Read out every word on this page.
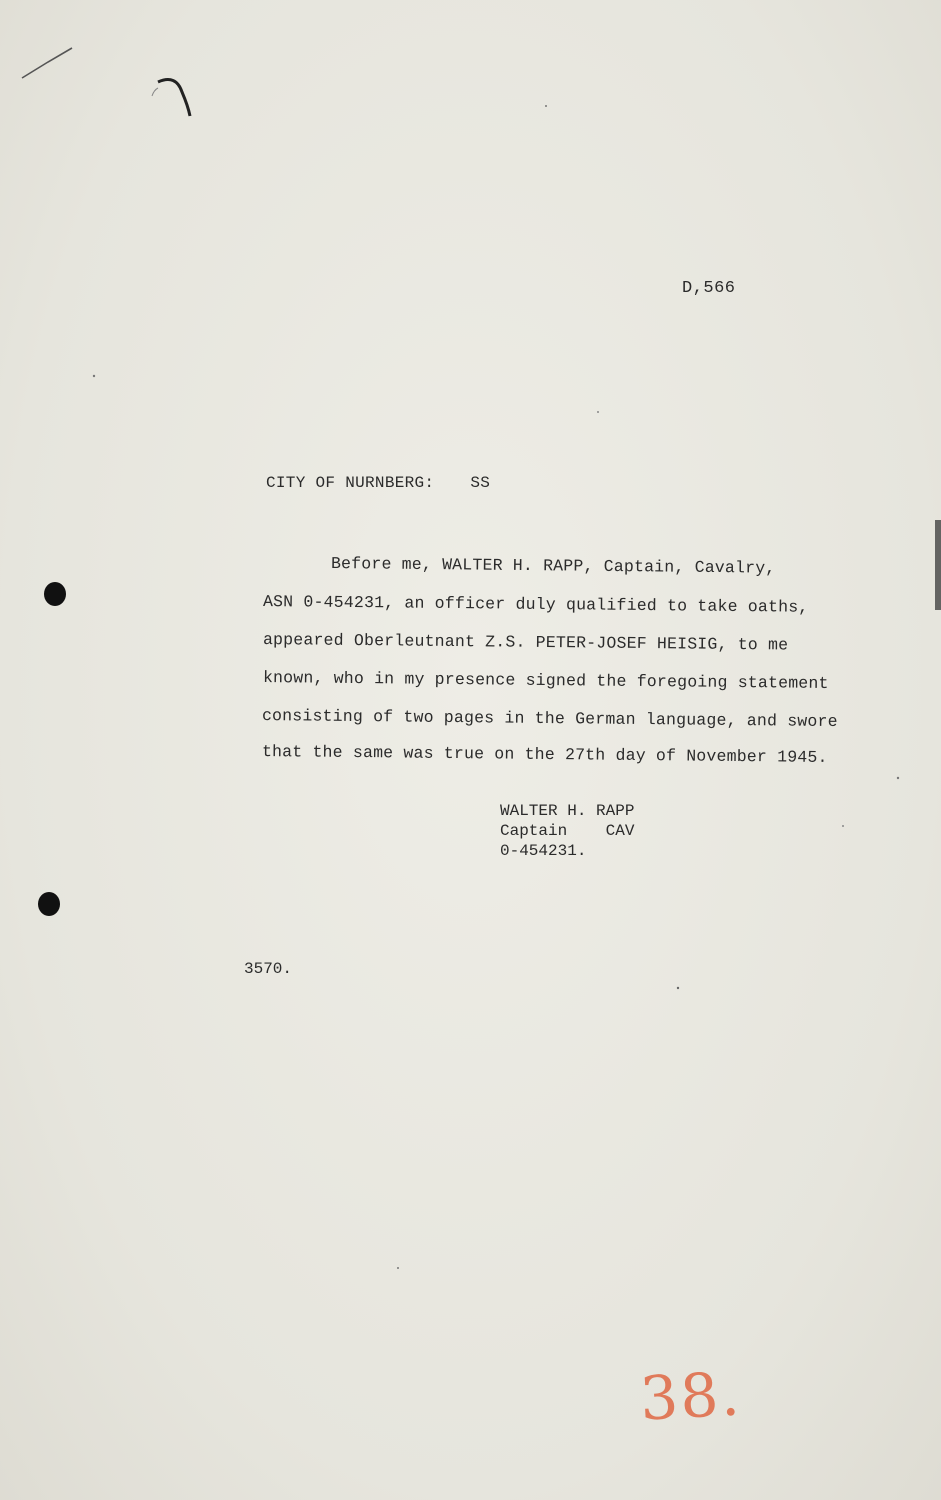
D,566
CITY OF NURNBERG: SS
Before me, WALTER H. RAPP, Captain, Cavalry,
ASN 0-454231, an officer duly qualified to take oaths,
appeared Oberleutnant Z.S. PETER-JOSEF HEISIG, to me
known, who in my presence signed the foregoing statement
consisting of two pages in the German language, and swore
that the same was true on the 27th day of November 1945.
WALTER H. RAPP
Captain    CAV
0-454231.
3570.
38.
